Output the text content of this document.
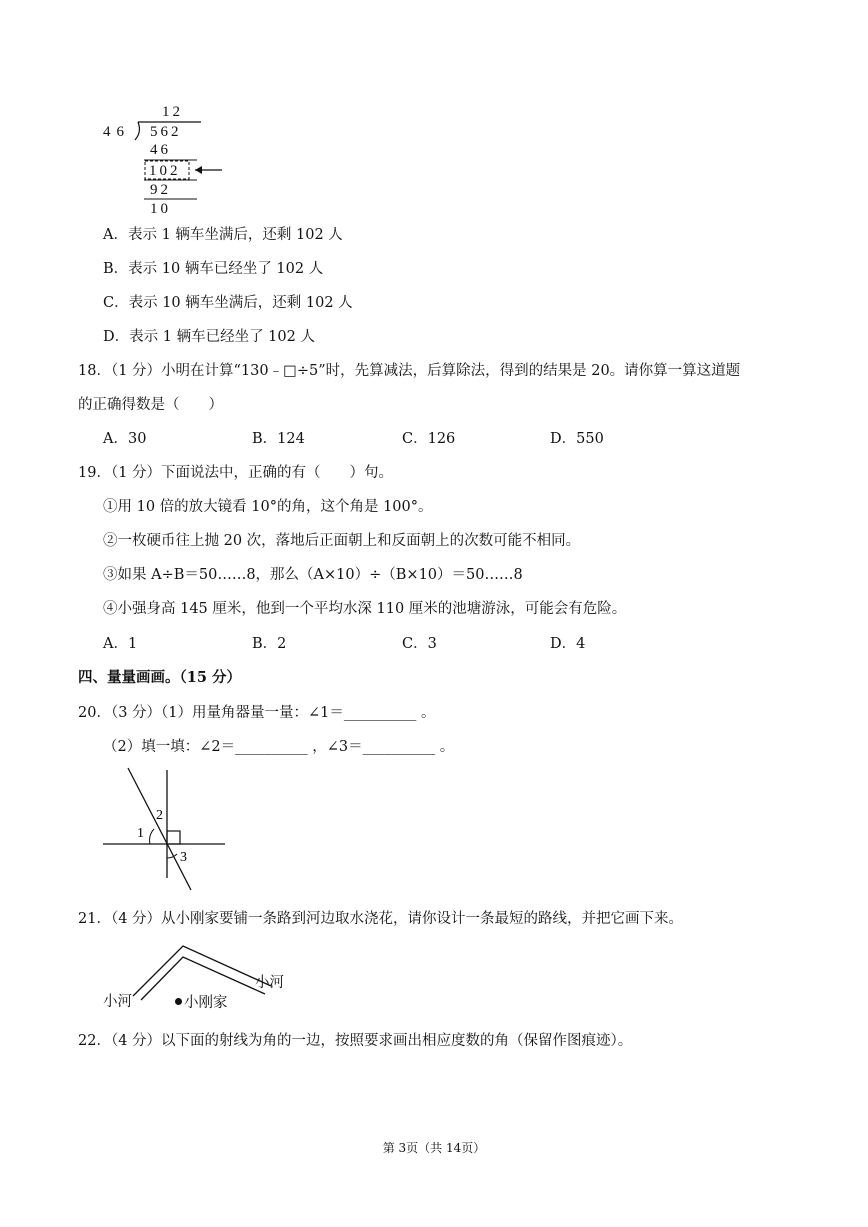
12
46 562
46
102
92
10
A．表示 1 辆车坐满后，还剩 102 人
B．表示 10 辆车已经坐了 102 人
C．表示 10 辆车坐满后，还剩 102 人
D．表示 1 辆车已经坐了 102 人
18．（1 分）小明在计算“130﹣□÷5”时，先算减法，后算除法，得到的结果是 20。请你算一算这道题
的正确得数是（　　）
A．30	B．124	C．126	D．550
19．（1 分）下面说法中，正确的有（　　）句。
①用 10 倍的放大镜看 10°的角，这个角是 100°。
②一枚硬币往上抛 20 次，落地后正面朝上和反面朝上的次数可能不相同。
③如果 A÷B＝50……8，那么（A×10）÷（B×10）＝50……8
④小强身高 145 厘米，他到一个平均水深 110 厘米的池塘游泳，可能会有危险。
A．1	B．2	C．3	D．4
四、量量画画。（15 分）
20．（3 分）（1）用量角器量一量：∠1＝__________ 。
（2）填一填：∠2＝__________ ，∠3＝__________ 。
1
2
3
21．（4 分）从小刚家要铺一条路到河边取水浇花，请你设计一条最短的路线，并把它画下来。
小河
小河
小刚家
22．（4 分）以下面的射线为角的一边，按照要求画出相应度数的角（保留作图痕迹）。
第 3页（共 14页）
